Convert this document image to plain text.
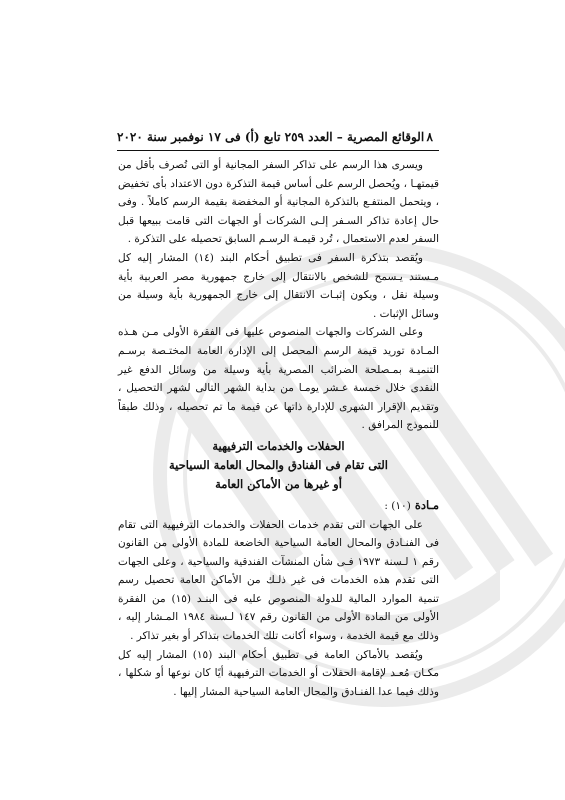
٨
الوقائع المصرية – العدد ٢٥٩ تابع (أ) فى ١٧ نوفمبر سنة ٢٠٢٠

ويسرى هذا الرسم على تذاكر السفر المجانية أو التى تُصرف بأقل من قيمتهـا ، ويُحصل الرسم على أساس قيمة التذكرة دون الاعتداد بأى تخفيض ، ويتحمل المنتفـع بالتذكرة المجانية أو المخفضة بقيمة الرسم كاملاً . وفى حال إعادة تذاكر السـفر إلـى الشركات أو الجهات التى قامت ببيعها قبل السفر لعدم الاستعمال ، تُرد قيمـة الرسـم السابق تحصيله على التذكرة .

ويُقصد بتذكرة السفر فى تطبيق أحكام البند (١٤) المشار إليه كل مـستند يـسمح للشخص بالانتقال إلى خارج جمهورية مصر العربية بأية وسيلة نقل ، ويكون إثبـات الانتقال إلى خارج الجمهورية بأية وسيلة من وسائل الإثبات .

وعلى الشركات والجهات المنصوص عليها فى الفقرة الأولى مـن هـذه المـادة توريد قيمة الرسم المحصل إلى الإدارة العامة المختـصة برسـم التنميـة بمـصلحة الضرائب المصرية بأية وسيلة من وسائل الدفع غير النقدى خلال خمسة عـشر يومـا من بداية الشهر التالى لشهر التحصيل ، وتقديم الإقرار الشهرى للإدارة ذاتها عن قيمة ما تم تحصيله ، وذلك طبقاً للنموذج المرافق .

الحفلات والخدمات الترفيهية
التى تقام فى الفنادق والمحال العامة السياحية
أو غيرها من الأماكن العامة
مـادة (١٠) :

على الجهات التى تقدم خدمات الحفلات والخدمات الترفيهية التى تقام فى الفنـادق والمحال العامة السياحية الخاضعة للمادة الأولى من القانون رقم ١ لـسنة ١٩٧٣ فـى شأن المنشآت الفندقية والسياحية ، وعلى الجهات التى تقدم هذه الخدمات فى غير ذلـك من الأماكن العامة تحصيل رسم تنمية الموارد المالية للدولة المنصوص عليه فى البنـد (١٥) من الفقرة الأولى من المادة الأولى من القانون رقم ١٤٧ لـسنة ١٩٨٤ المـشار إليه ، وذلك مع قيمة الخدمة ، وسواء أكانت تلك الخدمات بتذاكر أو بغير تذاكر .

ويُقصد بالأماكن العامة فى تطبيق أحكام البند (١٥) المشار إليه كل مكـان مُعـد لإقامة الحفلات أو الخدمات الترفيهية أيًا كان نوعها أو شكلها ، وذلك فيما عدا الفنـادق والمحال العامة السياحية المشار إليها .
